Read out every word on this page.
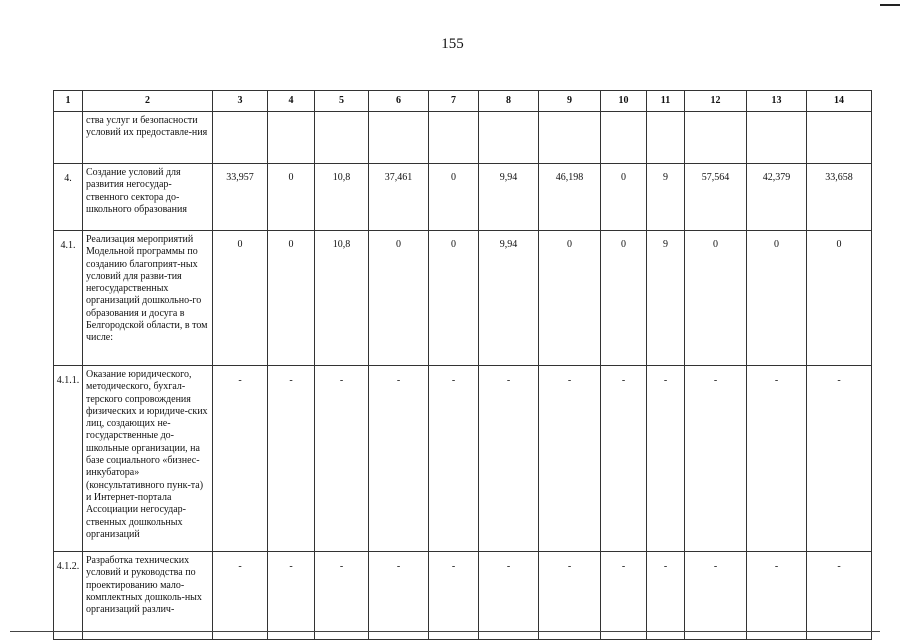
155
1	2	3	4	5	6	7	8	9	10	11	12	13	14
	ства услуг и безопасности условий их предоставле-ния												
4.	Создание условий для развития негосудар-ственного сектора до-школьного образования	33,957	0	10,8	37,461	0	9,94	46,198	0	9	57,564	42,379	33,658
4.1.	Реализация мероприятий Модельной программы по созданию благоприят-ных условий для разви-тия негосударственных организаций дошкольно-го образования и досуга в Белгородской области, в том числе:	0	0	10,8	0	0	9,94	0	0	9	0	0	0
4.1.1.	Оказание юридического, методического, бухгал-терского сопровождения физических и юридиче-ских лиц, создающих не-государственные до-школьные организации, на базе социального «бизнес-инкубатора» (консультативного пунк-та) и Интернет-портала Ассоциации негосудар-ственных дошкольных организаций	-	-	-	-	-	-	-	-	-	-	-	-
4.1.2.	Разработка технических условий и руководства по проектированию мало-комплектных дошколь-ных организаций различ-	-	-	-	-	-	-	-	-	-	-	-	-
